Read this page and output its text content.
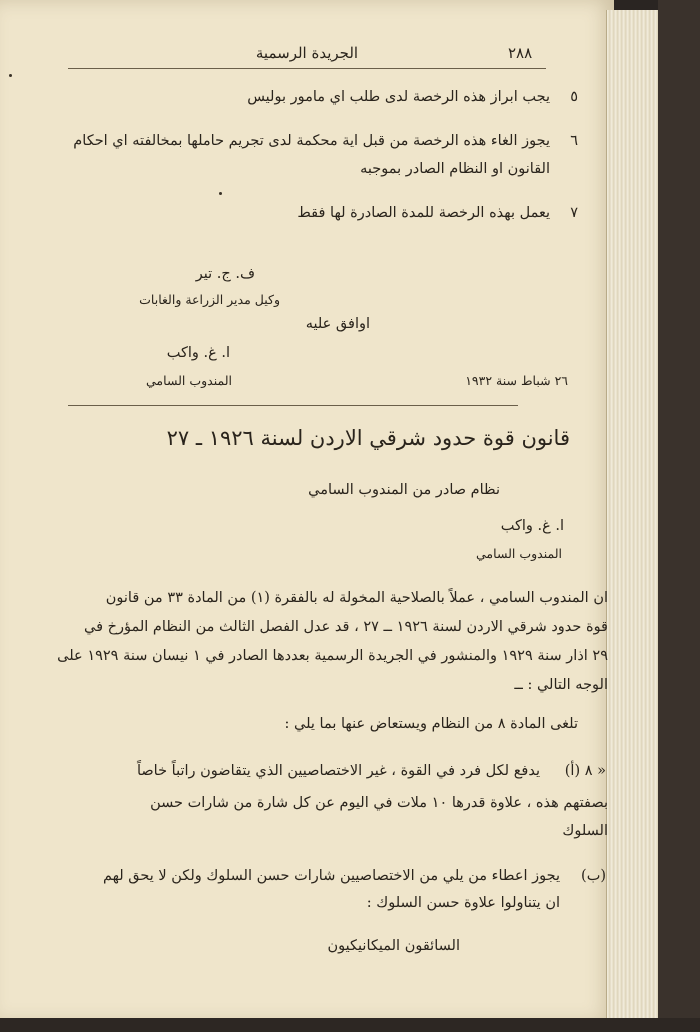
٢٨٨
الجريدة الرسمية
٥
يجب ابراز هذه الرخصة لدى طلب اي مامور بوليس
٦
يجوز الغاء هذه الرخصة من قبل اية محكمة لدى تجريم حاملها بمخالفته اي احكام
القانون او النظام الصادر بموجبه
٧
يعمل بهذه الرخصة للمدة الصادرة لها فقط
ف. ج. تير
وكيل مدير الزراعة والغابات
اوافق عليه
ا. غ. واكب
المندوب السامي	٢٦ شباط سنة ١٩٣٢
قانون قوة حدود شرقي الاردن لسنة ١٩٢٦ ـ ٢٧
نظام صادر من المندوب السامي
ا. غ. واكب
المندوب السامي
ان المندوب السامي ، عملاً بالصلاحية المخولة له بالفقرة (١) من المادة ٣٣ من قانون
قوة حدود شرقي الاردن لسنة ١٩٢٦ ــ ٢٧ ، قد عدل الفصل الثالث من النظام المؤرخ في
٢٩ اذار سنة ١٩٢٩ والمنشور في الجريدة الرسمية بعددها الصادر في ١ نيسان سنة ١٩٢٩ على
الوجه التالي : ــ
تلغى المادة ٨ من النظام ويستعاض عنها بما يلي :
« ٨ (أ)
يدفع لكل فرد في القوة ، غير الاختصاصيين الذي يتقاضون راتباً خاصاً
بصفتهم هذه ، علاوة قدرها ١٠ ملات في اليوم عن كل شارة من شارات حسن
السلوك
(ب)
يجوز اعطاء من يلي من الاختصاصيين شارات حسن السلوك ولكن لا يحق لهم
ان يتناولوا علاوة حسن السلوك :
السائقون الميكانيكيون
